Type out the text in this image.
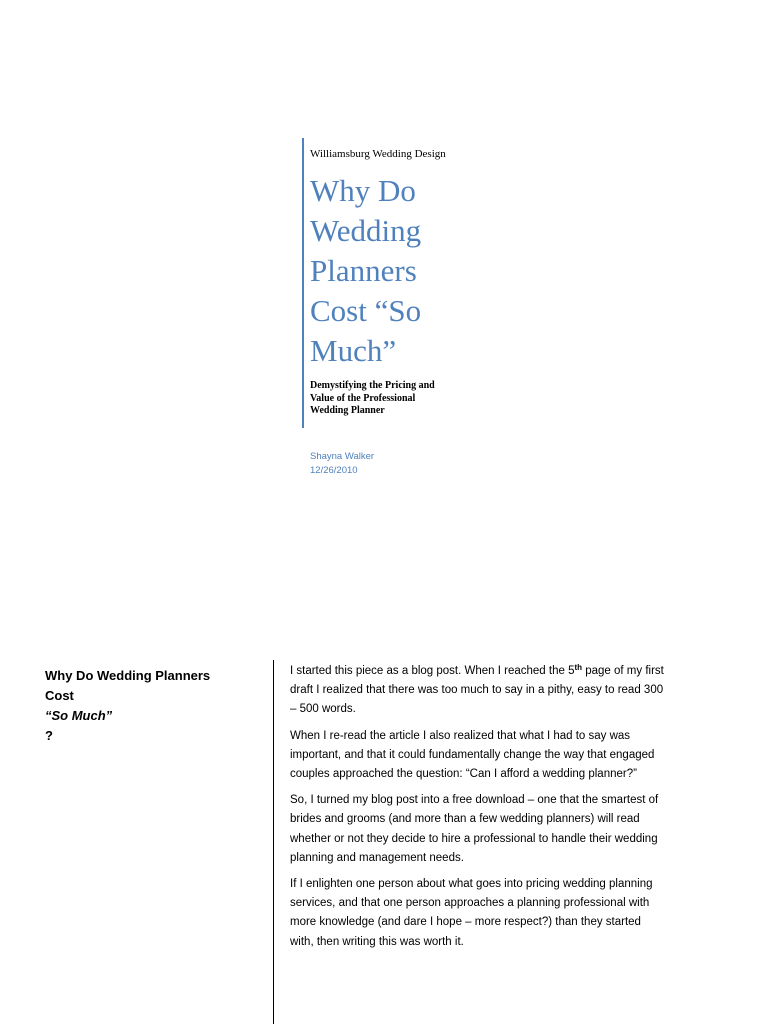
Williamsburg Wedding Design
Why Do
Wedding
Planners
Cost “So
Much”
Demystifying the Pricing and
Value of the Professional
Wedding Planner
Shayna Walker
12/26/2010
Why Do Wedding Planners
Cost
“So Much”
?

I started this piece as a blog post. When I reached the 5th page of my first
draft I realized that there was too much to say in a pithy, easy to read 300
– 500 words.

When I re-read the article I also realized that what I had to say was
important, and that it could fundamentally change the way that engaged
couples approached the question: “Can I afford a wedding planner?”

So, I turned my blog post into a free download – one that the smartest of
brides and grooms (and more than a few wedding planners) will read
whether or not they decide to hire a professional to handle their wedding
planning and management needs.

If I enlighten one person about what goes into pricing wedding planning
services, and that one person approaches a planning professional with
more knowledge (and dare I hope – more respect?) than they started
with, then writing this was worth it.
